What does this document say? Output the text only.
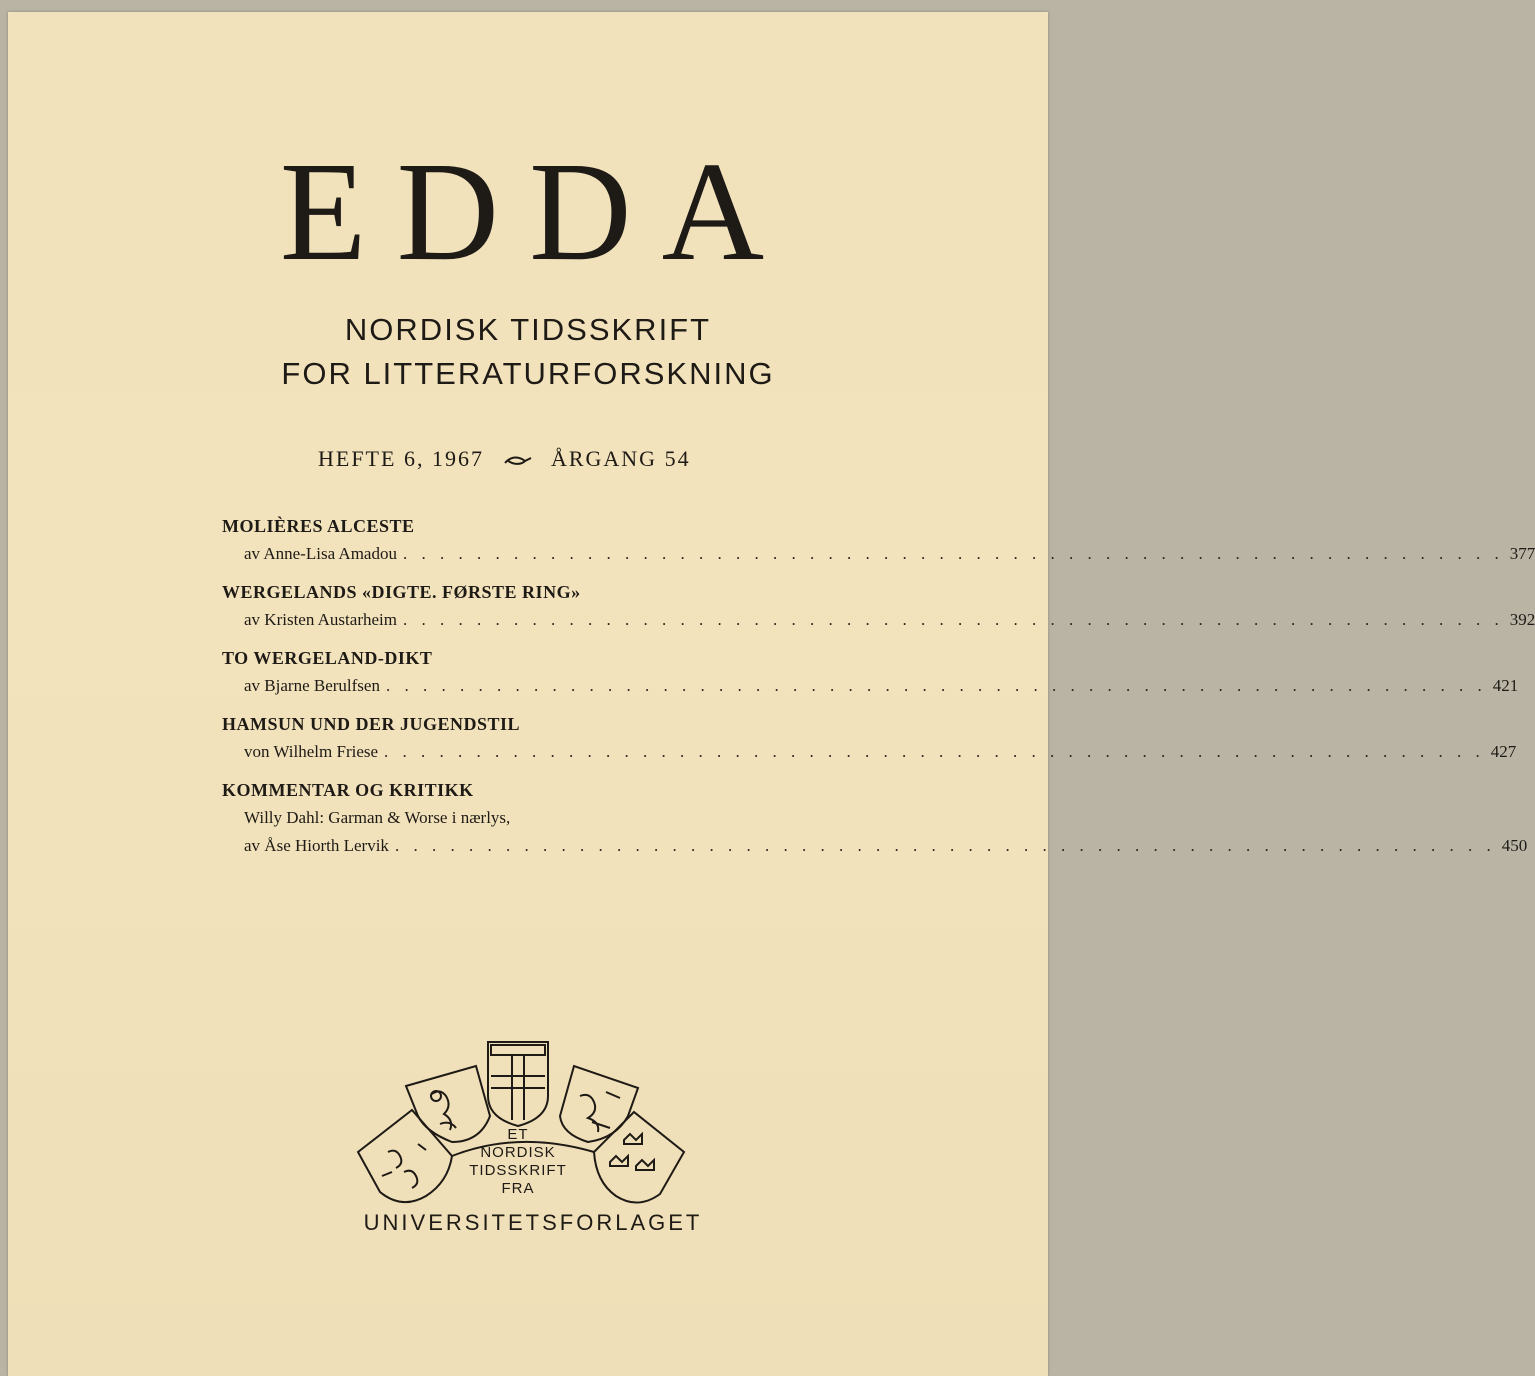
EDDA
NORDISK TIDSSKRIFT
FOR LITTERATURFORSKNING
HEFTE 6, 1967	ÅRGANG 54
MOLIÈRES ALCESTE
av Anne-Lisa Amadou . . . . . . . . . . . . . . . . . . . . . . . . . . . . . . . . . . . . . . . . . . . . . . . . . . . . . . . . . . . . 377
WERGELANDS «DIGTE. FØRSTE RING»
av Kristen Austarheim . . . . . . . . . . . . . . . . . . . . . . . . . . . . . . . . . . . . . . . . . . . . . . . . . . . . . . . . . . . . 392
TO WERGELAND-DIKT
av Bjarne Berulfsen . . . . . . . . . . . . . . . . . . . . . . . . . . . . . . . . . . . . . . . . . . . . . . . . . . . . . . . . . . . . 421
HAMSUN UND DER JUGENDSTIL
von Wilhelm Friese . . . . . . . . . . . . . . . . . . . . . . . . . . . . . . . . . . . . . . . . . . . . . . . . . . . . . . . . . . . . 427
KOMMENTAR OG KRITIKK
Willy Dahl: Garman & Worse i nærlys,
av Åse Hiorth Lervik . . . . . . . . . . . . . . . . . . . . . . . . . . . . . . . . . . . . . . . . . . . . . . . . . . . . . . . . . . . . 450
ET
NORDISK
TIDSSKRIFT
FRA
UNIVERSITETSFORLAGET
